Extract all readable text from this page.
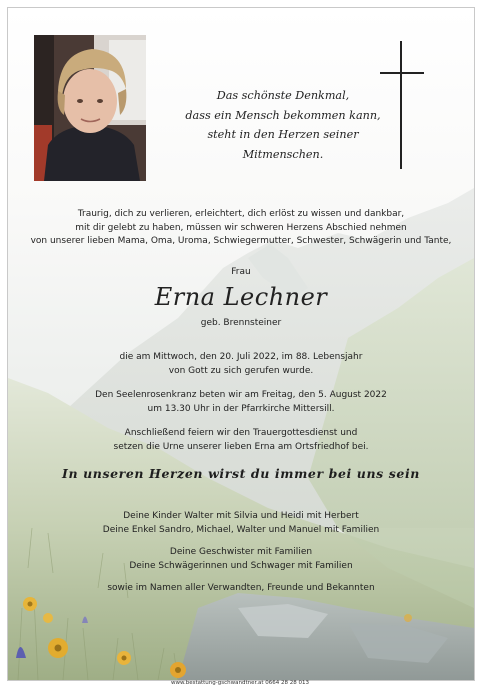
Das schönste Denkmal,
dass ein Mensch bekommen kann,
steht in den Herzen seiner
Mitmenschen.
Traurig, dich zu verlieren, erleichtert, dich erlöst zu wissen und dankbar,
mit dir gelebt zu haben, müssen wir schweren Herzens Abschied nehmen
von unserer lieben Mama, Oma, Uroma, Schwiegermutter, Schwester, Schwägerin und Tante,
Frau
Erna Lechner
geb. Brennsteiner
die am Mittwoch, den 20. Juli 2022, im 88. Lebensjahr
von Gott zu sich gerufen wurde.
Den Seelenrosenkranz beten wir am Freitag, den 5. August 2022
um 13.30 Uhr in der Pfarrkirche Mittersill.
Anschließend feiern wir den Trauergottesdienst und
setzen die Urne unserer lieben Erna am Ortsfriedhof bei.
In unseren Herzen wirst du immer bei uns sein
Deine Kinder Walter mit Silvia und Heidi mit Herbert
Deine Enkel Sandro, Michael, Walter und Manuel mit Familien
Deine Geschwister mit Familien
Deine Schwägerinnen und Schwager mit Familien
sowie im Namen aller Verwandten, Freunde und Bekannten
www.bestattung-gschwandtner.at 0664 28 28 013
